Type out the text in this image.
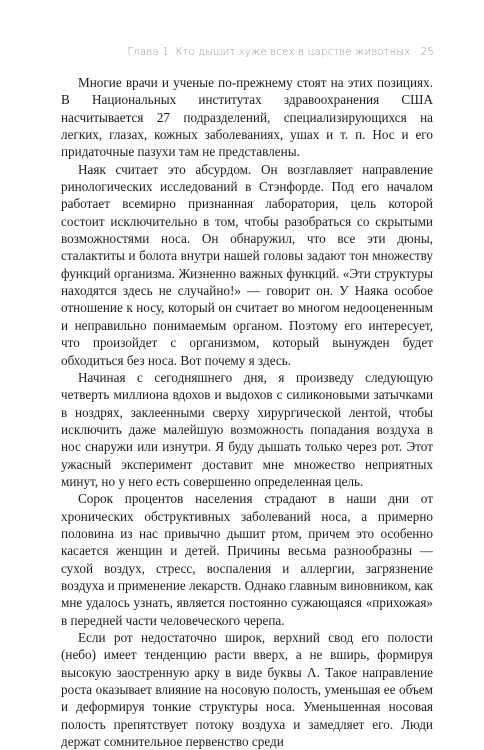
Глава 1. Кто дышит хуже всех в царстве животных · 25

Многие врачи и ученые по-прежнему стоят на этих позициях. В Национальных институтах здравоохранения США насчитывается 27 подразделений, специализирующихся на легких, глазах, кожных заболеваниях, ушах и т. п. Нос и его придаточные пазухи там не представлены.

Наяк считает это абсурдом. Он возглавляет направление ринологических исследований в Стэнфорде. Под его началом работает всемирно признанная лаборатория, цель которой состоит исключительно в том, чтобы разобраться со скрытыми возможностями носа. Он обнаружил, что все эти дюны, сталактиты и болота внутри нашей головы задают тон множеству функций организма. Жизненно важных функций. «Эти структуры находятся здесь не случайно!» — говорит он. У Наяка особое отношение к носу, который он считает во многом недооцененным и неправильно понимаемым органом. Поэтому его интересует, что произойдет с организмом, который вынужден будет обходиться без носа. Вот почему я здесь.

Начиная с сегодняшнего дня, я произведу следующую четверть миллиона вдохов и выдохов с силиконовыми затычками в ноздрях, заклеенными сверху хирургической лентой, чтобы исключить даже малейшую возможность попадания воздуха в нос снаружи или изнутри. Я буду дышать только через рот. Этот ужасный эксперимент доставит мне множество неприятных минут, но у него есть совершенно определенная цель.

Сорок процентов населения страдают в наши дни от хронических обструктивных заболеваний носа, а примерно половина из нас привычно дышит ртом, причем это особенно касается женщин и детей. Причины весьма разнообразны — сухой воздух, стресс, воспаления и аллергии, загрязнение воздуха и применение лекарств. Однако главным виновником, как мне удалось узнать, является постоянно сужающаяся «прихожая» в передней части человеческого черепа.

Если рот недостаточно широк, верхний свод его полости (небо) имеет тенденцию расти вверх, а не вширь, формируя высокую заостренную арку в виде буквы Λ. Такое направление роста оказывает влияние на носовую полость, уменьшая ее объем и деформируя тонкие структуры носа. Уменьшенная носовая полость препятствует потоку воздуха и замедляет его. Люди держат сомнительное первенство среди
